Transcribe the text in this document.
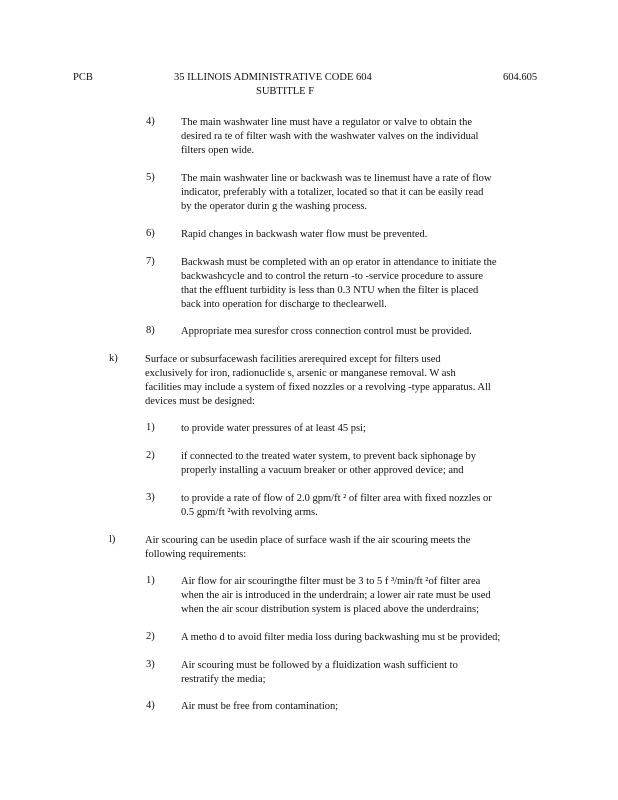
PCB	35 ILLINOIS ADMINISTRATIVE CODE 604
SUBTITLE F
604.605
4)	The main washwater line must have a regulator or valve to obtain the
desired ra te of filter wash with the washwater valves on the individual
filters open wide.
5)	The main washwater line or backwash was te linemust have a rate of flow
indicator, preferably with a totalizer, located so that it can be easily read
by the operator durin g the washing process.
6)	Rapid changes in backwash water flow must be prevented.
7)	Backwash must be completed with an op erator in attendance to initiate the
backwashcycle and to control the return -to -service procedure to assure
that the effluent turbidity is less than 0.3 NTU when the filter is placed
back into operation for discharge to theclearwell.
8)	Appropriate mea suresfor cross connection control must be provided.
k)	Surface or subsurfacewash facilities arerequired except for filters used
exclusively for iron, radionuclide s, arsenic or manganese removal. W ash
facilities may include a system of fixed nozzles or a revolving -type apparatus. All
devices must be designed:
1)	to provide water pressures of at least 45 psi;
2)	if connected to the treated water system, to prevent back siphonage by
properly installing a vacuum breaker or other approved device; and
3)	to provide a rate of flow of 2.0 gpm/ft ² of filter area with fixed nozzles or
0.5 gpm/ft ²with revolving arms.
l)	Air scouring can be usedin place of surface wash if the air scouring meets the
following requirements:
1)	Air flow for air scouringthe filter must be 3 to 5 f ³/min/ft ²of filter area
when the air is introduced in the underdrain; a lower air rate must be used
when the air scour distribution system is placed above the underdrains;
2)	A metho d to avoid filter media loss during backwashing mu st be provided;
3)	Air scouring must be followed by a fluidization wash sufficient to
restratify the media;
4)	Air must be free from contamination;
